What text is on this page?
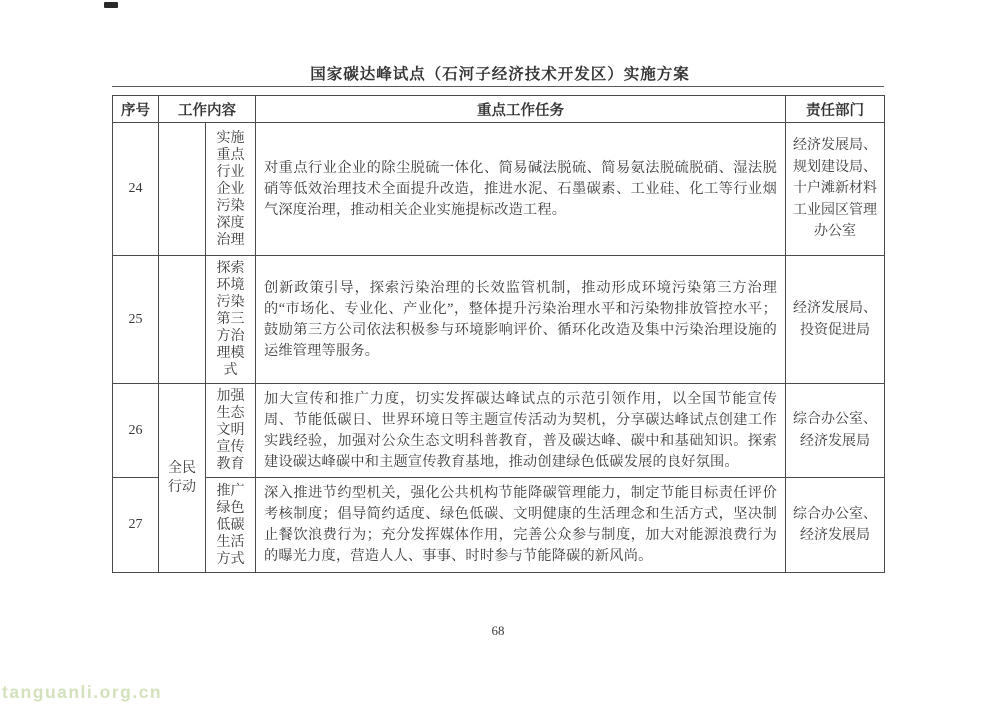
国家碳达峰试点（石河子经济技术开发区）实施方案
序号	工作内容		重点工作任务	责任部门
24		实施重点行业企业污染深度治理	对重点行业企业的除尘脱硫一体化、简易碱法脱硫、简易氨法脱硫脱硝、湿法脱硝等低效治理技术全面提升改造，推进水泥、石墨碳素、工业硅、化工等行业烟气深度治理，推动相关企业实施提标改造工程。	经济发展局、规划建设局、十户滩新材料工业园区管理办公室
25		探索环境污染第三方治理模式	创新政策引导，探索污染治理的长效监管机制，推动形成环境污染第三方治理的“市场化、专业化、产业化”，整体提升污染治理水平和污染物排放管控水平；鼓励第三方公司依法积极参与环境影响评价、循环化改造及集中污染治理设施的运维管理等服务。	经济发展局、投资促进局
26	全民行动	加强生态文明宣传教育	加大宣传和推广力度，切实发挥碳达峰试点的示范引领作用，以全国节能宣传周、节能低碳日、世界环境日等主题宣传活动为契机，分享碳达峰试点创建工作实践经验，加强对公众生态文明科普教育，普及碳达峰、碳中和基础知识。探索建设碳达峰碳中和主题宣传教育基地，推动创建绿色低碳发展的良好氛围。	综合办公室、经济发展局
27		推广绿色低碳生活方式	深入推进节约型机关，强化公共机构节能降碳管理能力，制定节能目标责任评价考核制度；倡导简约适度、绿色低碳、文明健康的生活理念和生活方式，坚决制止餐饮浪费行为；充分发挥媒体作用，完善公众参与制度，加大对能源浪费行为的曝光力度，营造人人、事事、时时参与节能降碳的新风尚。	综合办公室、经济发展局
68
tanguanli.org.cn
